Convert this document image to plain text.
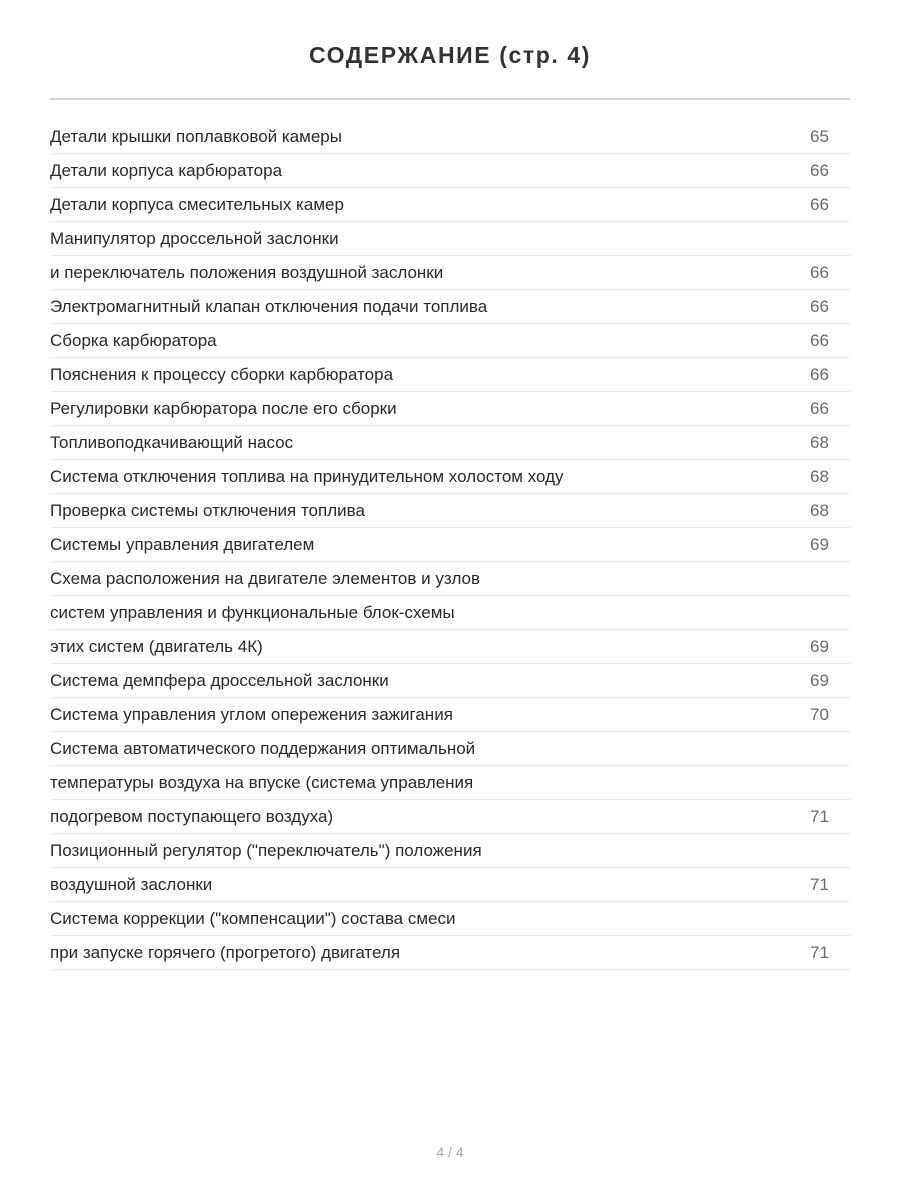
СОДЕРЖАНИЕ (стр. 4)
Детали крышки поплавковой камеры	65
Детали корпуса карбюратора	66
Детали корпуса смесительных камер	66
Манипулятор дроссельной заслонки
и переключатель положения воздушной заслонки	66
Электромагнитный клапан отключения подачи топлива	66
Сборка карбюратора	66
Пояснения к процессу сборки карбюратора	66
Регулировки карбюратора после его сборки	66
Топливоподкачивающий насос	68
Система отключения топлива на принудительном холостом ходу	68
Проверка системы отключения топлива	68
Системы управления двигателем	69
Схема расположения на двигателе элементов и узлов
систем управления и функциональные блок-схемы
этих систем (двигатель 4К)	69
Система демпфера дроссельной заслонки	69
Система управления углом опережения зажигания	70
Система автоматического поддержания оптимальной
температуры воздуха на впуске (система управления
подогревом поступающего воздуха)	71
Позиционный регулятор ("переключатель") положения
воздушной заслонки	71
Система коррекции ("компенсации") состава смеси
при запуске горячего (прогретого) двигателя	71
4 / 4
